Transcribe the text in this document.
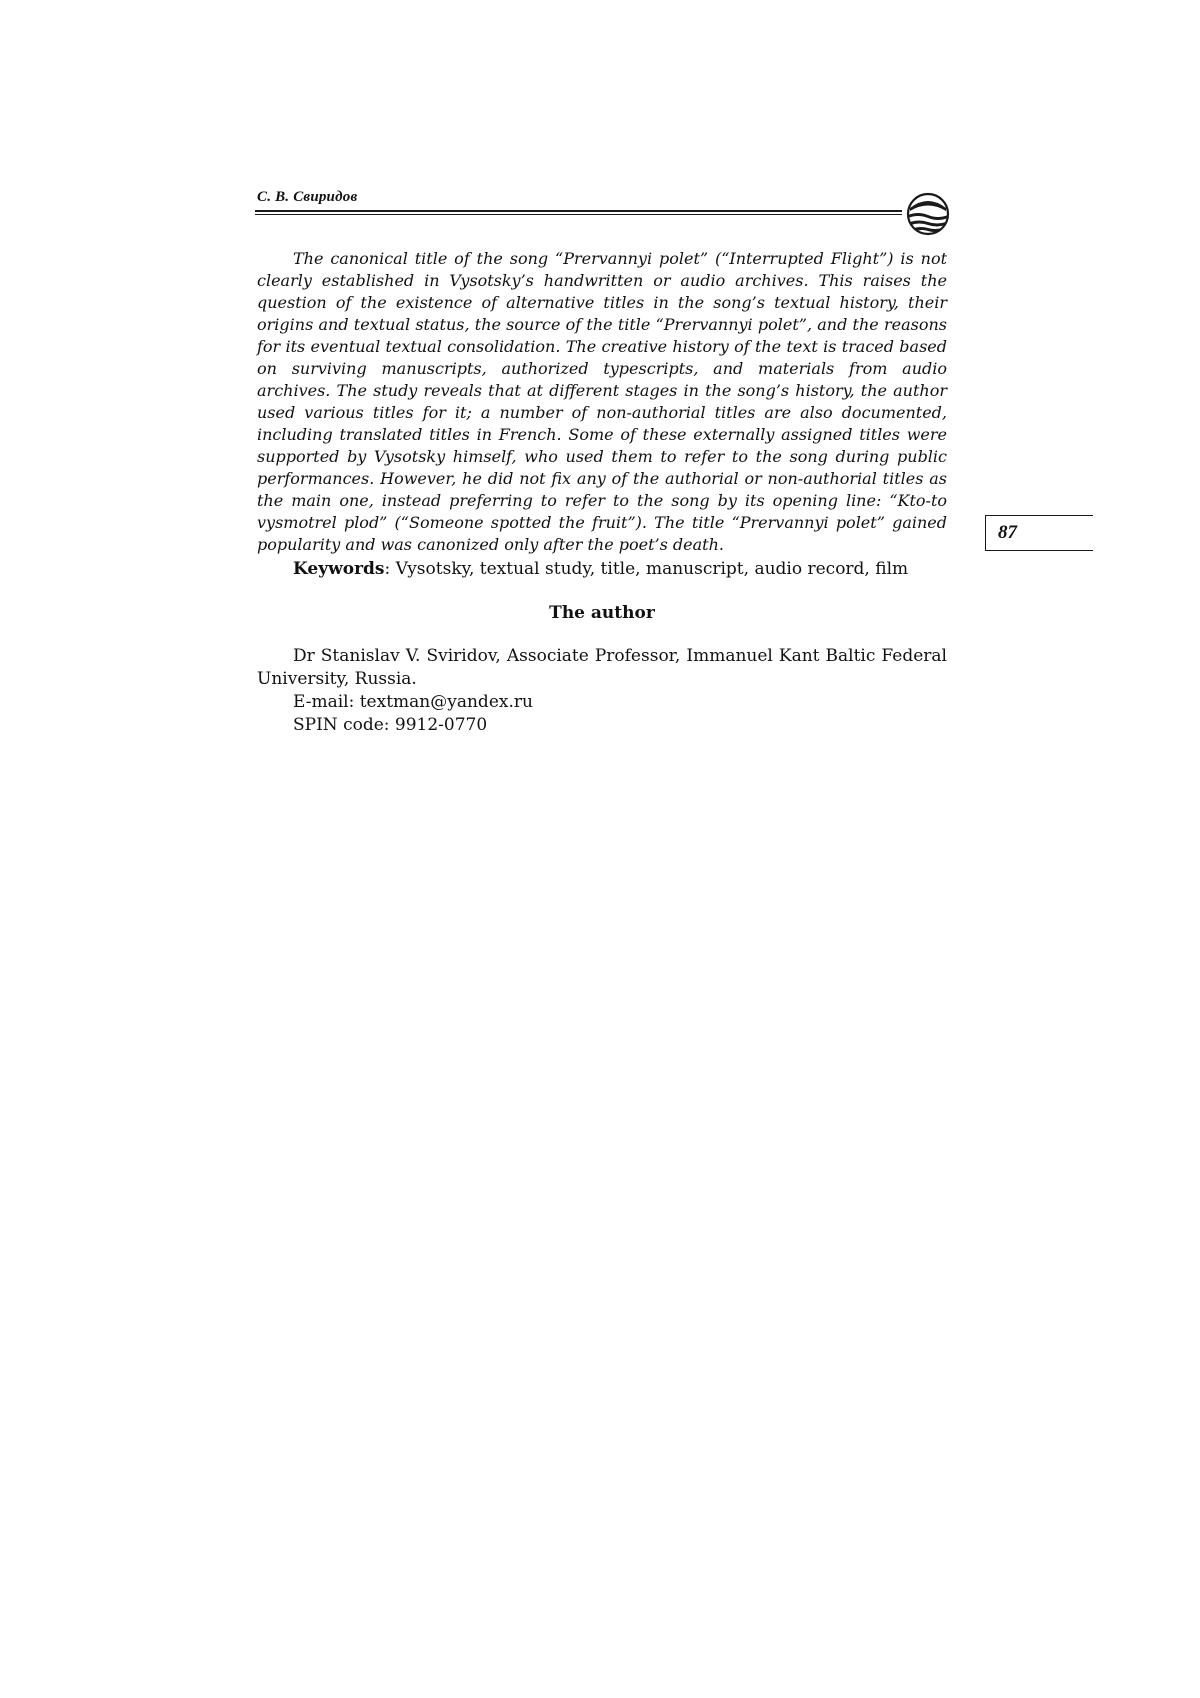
С. В. Свиридов

The canonical title of the song “Prervannyi polet” (“Interrupted Flight”) is not clearly established in Vysotsky’s handwritten or audio archives. This raises the question of the existence of alternative titles in the song’s textual history, their origins and textual status, the source of the title “Prervannyi polet”, and the reasons for its eventual textual consolidation. The creative history of the text is traced based on surviving manuscripts, authorized typescripts, and materials from audio archives. The study reveals that at different stages in the song’s history, the author used various titles for it; a number of non-authorial titles are also documented, including translated titles in French. Some of these externally assigned titles were supported by Vysotsky himself, who used them to refer to the song during public performances. However, he did not fix any of the authorial or non-authorial titles as the main one, instead preferring to refer to the song by its opening line: “Kto-to vysmotrel plod” (“Someone spotted the fruit”). The title “Prervannyi polet” gained popularity and was canonized only after the poet’s death.

87
Keywords: Vysotsky, textual study, title, manuscript, audio record, film
The author

Dr Stanislav V. Sviridov, Associate Professor, Immanuel Kant Baltic Federal University, Russia.

E-mail: textman@yandex.ru
SPIN code: 9912-0770
